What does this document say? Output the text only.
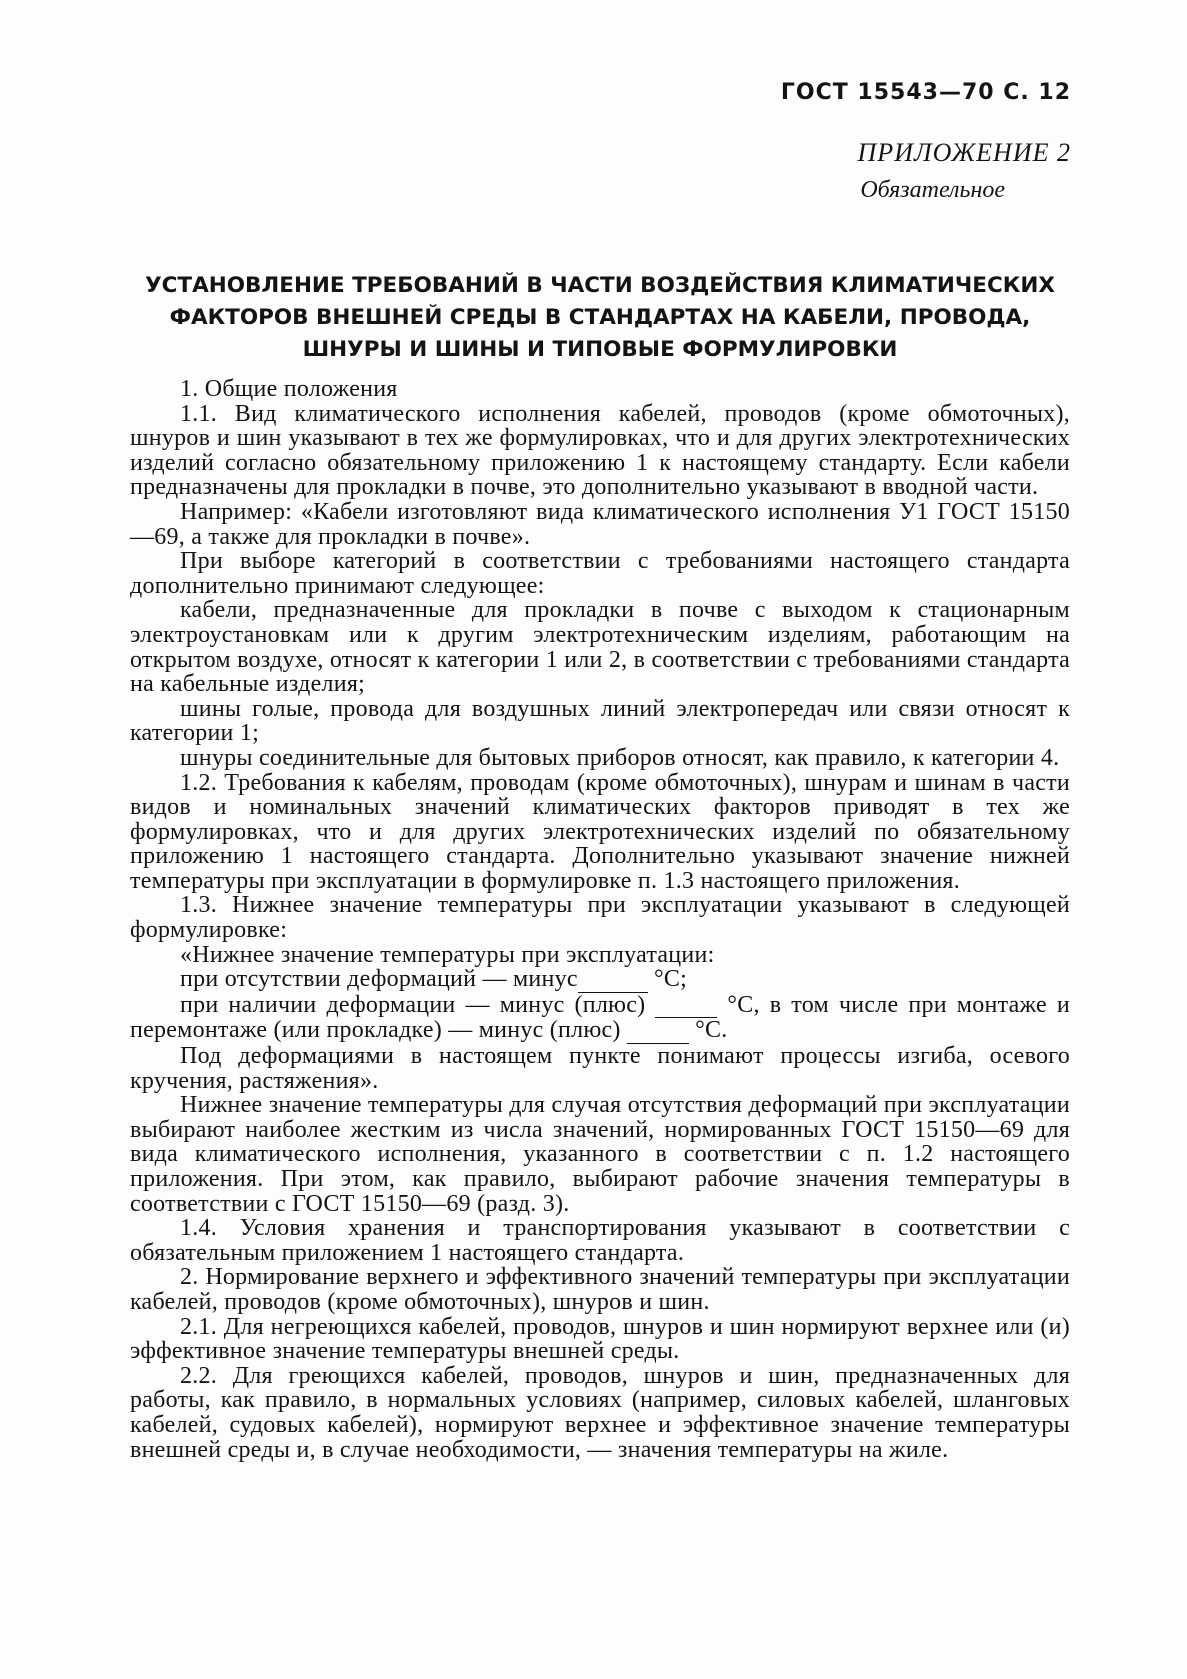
ГОСТ 15543—70 С. 12
ПРИЛОЖЕНИЕ 2
Обязательное
УСТАНОВЛЕНИЕ ТРЕБОВАНИЙ В ЧАСТИ ВОЗДЕЙСТВИЯ КЛИМАТИЧЕСКИХ
ФАКТОРОВ ВНЕШНЕЙ СРЕДЫ В СТАНДАРТАХ НА КАБЕЛИ, ПРОВОДА,
ШНУРЫ И ШИНЫ И ТИПОВЫЕ ФОРМУЛИРОВКИ

1. Общие положения

1.1. Вид климатического исполнения кабелей, проводов (кроме обмоточных), шнуров и шин указывают в тех же формулировках, что и для других электротехнических изделий согласно обязательному приложению 1 к настоящему стандарту. Если кабели предназначены для прокладки в почве, это дополнительно указывают в вводной части.

Например: «Кабели изготовляют вида климатического исполнения У1 ГОСТ 15150—69, а также для прокладки в почве».

При выборе категорий в соответствии с требованиями настоящего стандарта дополнительно принимают следующее:

кабели, предназначенные для прокладки в почве с выходом к стационарным электроустановкам или к другим электротехническим изделиям, работающим на открытом воздухе, относят к категории 1 или 2, в соответствии с требованиями стандарта на кабельные изделия;

шины голые, провода для воздушных линий электропередач или связи относят к категории 1;

шнуры соединительные для бытовых приборов относят, как правило, к категории 4.

1.2. Требования к кабелям, проводам (кроме обмоточных), шнурам и шинам в части видов и номинальных значений климатических факторов приводят в тех же формулировках, что и для других электротехнических изделий по обязательному приложению 1 настоящего стандарта. Дополнительно указывают значение нижней температуры при эксплуатации в формулировке п. 1.3 настоящего приложения.

1.3. Нижнее значение температуры при эксплуатации указывают в следующей формулировке:

«Нижнее значение температуры при эксплуатации:

при отсутствии деформаций — минус	°С;

при наличии деформации — минус (плюс)	°С, в том числе при монтаже и перемонтаже (или прокладке) — минус (плюс)	°С.

Под деформациями в настоящем пункте понимают процессы изгиба, осевого кручения, растяжения».

Нижнее значение температуры для случая отсутствия деформаций при эксплуатации выбирают наиболее жестким из числа значений, нормированных ГОСТ 15150—69 для вида климатического исполнения, указанного в соответствии с п. 1.2 настоящего приложения. При этом, как правило, выбирают рабочие значения температуры в соответствии с ГОСТ 15150—69 (разд. 3).

1.4. Условия хранения и транспортирования указывают в соответствии с обязательным приложением 1 настоящего стандарта.

2. Нормирование верхнего и эффективного значений температуры при эксплуатации кабелей, проводов (кроме обмоточных), шнуров и шин.

2.1. Для негреющихся кабелей, проводов, шнуров и шин нормируют верхнее или (и) эффективное значение температуры внешней среды.

2.2. Для греющихся кабелей, проводов, шнуров и шин, предназначенных для работы, как правило, в нормальных условиях (например, силовых кабелей, шланговых кабелей, судовых кабелей), нормируют верхнее и эффективное значение температуры внешней среды и, в случае необходимости, — значения температуры на жиле.
